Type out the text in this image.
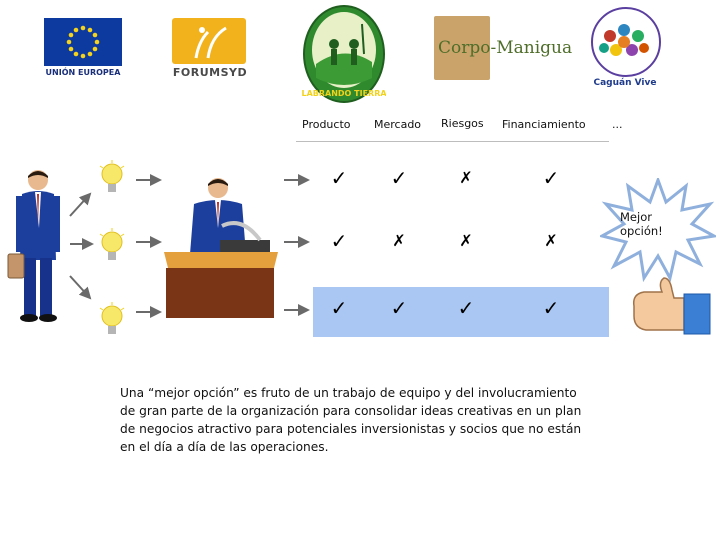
UNIÓN EUROPEA	FORUMSYD
LABRANDO TIERRA
Corpo-Manigua
Caguán Vive
Producto Mercado Riesgos Financiamiento ...
✓	✓	✗	✓
✓	✗	✗	✗
✓	✓	✓	✓
Mejor opción!
Una “mejor opción” es fruto de un trabajo de equipo y del involucramiento de gran parte de la organización para consolidar ideas creativas en un plan de negocios atractivo para potenciales inversionistas y socios que no están en el día a día de las operaciones.
